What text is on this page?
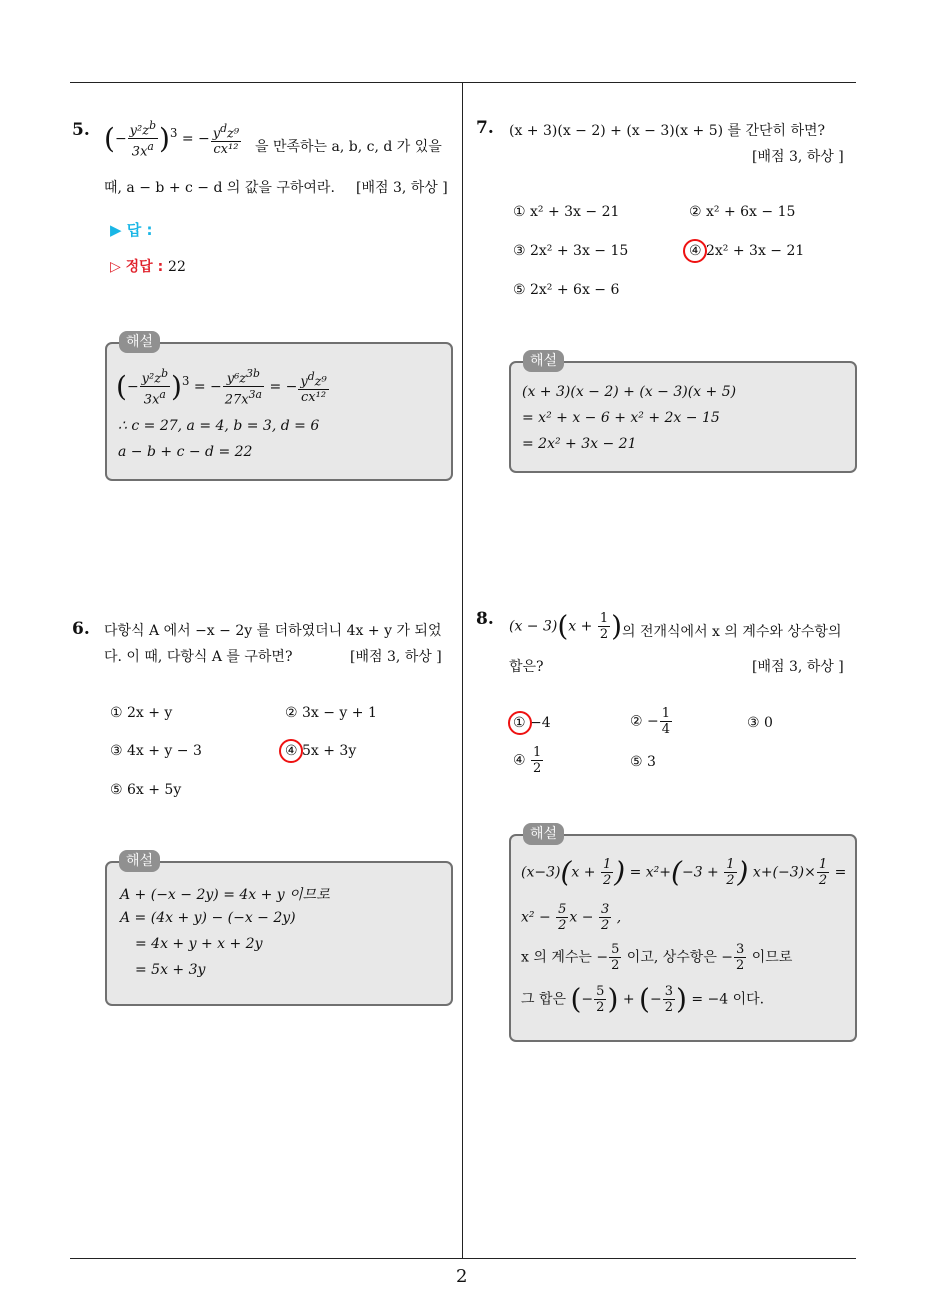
2
5. (− $\frac{y^2z^b}{3x^a} )^3$ = − $\frac{y^dz^9}{\text{cx¹²}}$ 을 만족하는 a, b, c, d 가 있을
때, a − b + c − d 의 값을 구하여라. [배점 3, 하상 ]
▶ 답 :
▷ 정답 : 22
해설
(− $\frac{y^2z^b}{3x^a} )^3$ = − $\frac{y^6z^{3b}}{27x^{3a}}$ = − $\frac{y^dz^9}{\text{cx¹²}}$
∴ c = 27, a = 4, b = 3, d = 6
a − b + c − d = 22
6. 다항식 A 에서 −x − 2y 를 더하였더니 4x + y 가 되었
다. 이 때, 다항식 A 를 구하면?	[배점 3, 하상 ]
① 2x + y	② 3x − y + 1
③ 4x + y − 3	④ 5x + 3y
⑤ 6x + 5y
해설
A + (−x − 2y) = 4x + y 이므로
A = (4x + y) − (−x − 2y)
= 4x + y + x + 2y
= 5x + 3y
7. (x + 3)(x − 2) + (x − 3)(x + 5) 를 간단히 하면?
[배점 3, 하상 ]
① x² + 3x − 21	② x² + 6x − 15
③ 2x² + 3x − 15	④ 2x² + 3x − 21
⑤ 2x² + 6x − 6
해설
(x + 3)(x − 2) + (x − 3)(x + 5)
= x² + x − 6 + x² + 2x − 15
= 2x² + 3x − 21
8. $(x - 3)(x + \frac{1}{2}$ ) 의 전개식에서 x 의 계수와 상수항의
합은?	[배점 3, 하상 ]
① −4	② − $\frac{1}{4}$	③ 0
④ $\frac{1}{2}$	⑤ 3
해설
$(x-3)(x + \frac{1}{2}$ ) = $x^2+(-3 + \frac{1}{2}$ ) $x+(-3)\times \frac{1}{2}$ =
$x^2 - \frac{5}{2}$ $x - \frac{3}{2}$ ,
x 의 계수는 − $\frac{5}{2}$ 이고, 상수항은 − $\frac{3}{2}$ 이므로
그 합은 (− $\frac{5}{2}$ ) + (− $\frac{3}{2}$ ) = −4 이다.
